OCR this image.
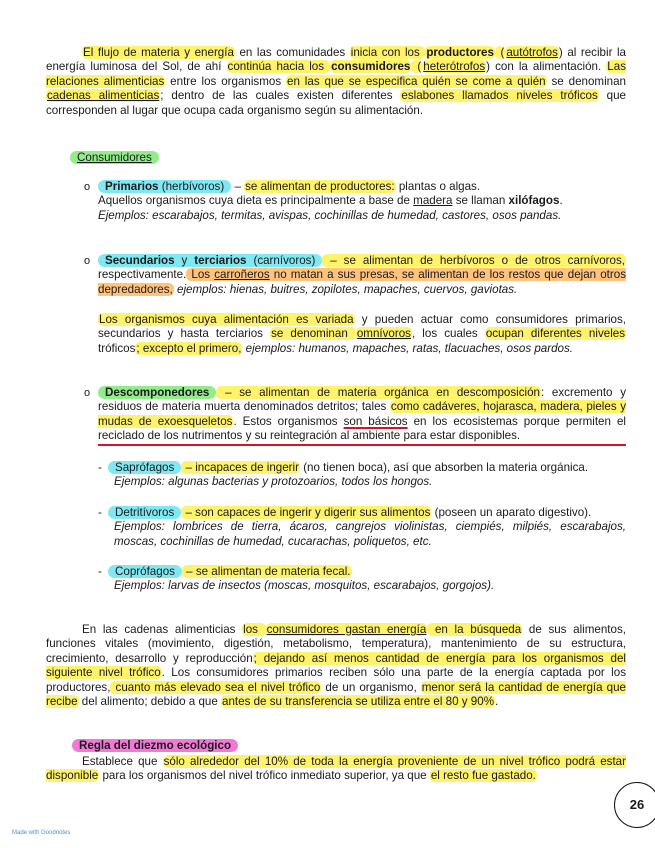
El flujo de materia y energía en las comunidades inicia con los productores ( autótrofos) al recibir la energía luminosa del Sol, de ahí continúa hacia los consumidores ( heterótrofos) con la alimentación. Las relaciones alimenticias entre los organismos en las que se especifica quién se come a quién se denominan cadenas alimenticias; dentro de las cuales existen diferentes eslabones llamados niveles tróficos que corresponden al lugar que ocupa cada organismo según su alimentación.

Consumidores
o	Primarios (herbívoros) – se alimentan de productores: plantas o algas.
Aquellos organismos cuya dieta es principalmente a base de madera se llaman xilófagos.
Ejemplos: escarabajos, termitas, avispas, cochinillas de humedad, castores, osos pandas.
o	Secundarios y terciarios (carnívoros) – se alimentan de herbívoros o de otros carnívoros, respectivamente. Los carroñeros no matan a sus presas, se alimentan de los restos que dejan otros depredadores, ejemplos: hienas, buitres, zopilotes, mapaches, cuervos, gaviotas.
Los organismos cuya alimentación es variada y pueden actuar como consumidores primarios, secundarios y hasta terciarios se denominan omnívoros, los cuales ocupan diferentes niveles tróficos; excepto el primero, ejemplos: humanos, mapaches, ratas, tlacuaches, osos pardos.
o	Descomponedores – se alimentan de materia orgánica en descomposición: excremento y residuos de materia muerta denominados detritos; tales como cadáveres, hojarasca, madera, pieles y mudas de exoesqueletos. Estos organismos son básicos en los ecosistemas porque permiten el reciclado de los nutrimentos y su reintegración al ambiente para estar disponibles.
-	Saprófagos – incapaces de ingerir (no tienen boca), así que absorben la materia orgánica.
Ejemplos: algunas bacterias y protozoarios, todos los hongos.
-	Detritívoros – son capaces de ingerir y digerir sus alimentos (poseen un aparato digestivo).

Ejemplos: lombrices de tierra, ácaros, cangrejos violinistas, ciempiés, milpiés, escarabajos, moscas, cochinillas de humedad, cucarachas, poliquetos, etc.
-	Coprófagos – se alimentan de materia fecal.
Ejemplos: larvas de insectos (moscas, mosquitos, escarabajos, gorgojos).

En las cadenas alimenticias los consumidores gastan energía en la búsqueda de sus alimentos, funciones vitales (movimiento, digestión, metabolismo, temperatura), mantenimiento de su estructura, crecimiento, desarrollo y reproducción; dejando así menos cantidad de energía para los organismos del siguiente nivel trófico. Los consumidores primarios reciben sólo una parte de la energía captada por los productores, cuanto más elevado sea el nivel trófico de un organismo, menor será la cantidad de energía que recibe del alimento; debido a que antes de su transferencia se utiliza entre el 80 y 90%.

Regla del diezmo ecológico

Establece que sólo alrededor del 10% de toda la energía proveniente de un nivel trófico podrá estar disponible para los organismos del nivel trófico inmediato superior, ya que el resto fue gastado.

26
Made with Goodnotes
